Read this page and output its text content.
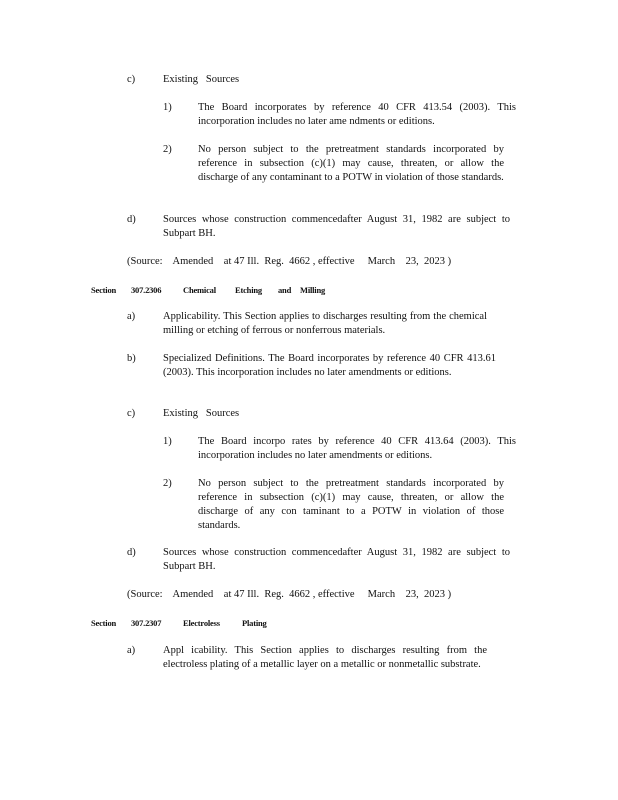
c)	Existing   Sources
1)	The Board incorporates by reference 40 CFR 413.54 (2003). This incorporation includes no later ame ndments or editions.
2)	No person subject to the pretreatment standards incorporated by reference in subsection (c)(1) may cause, threaten, or allow the discharge of any contaminant to a POTW in violation of those standards.
d)	Sources whose construction commencedafter August 31, 1982 are subject to Subpart BH.
(Source:    Amended    at 47 Ill.  Reg.  4662 , effective     March    23,  2023 )
Section 307.2306	Chemical Etching and Milling
a)	Applicability. This Section applies to discharges resulting from the chemical milling or etching of ferrous or nonferrous materials.
b)	Specialized Definitions. The Board incorporates by reference 40 CFR 413.61 (2003). This incorporation includes no later amendments or editions.
c)	Existing   Sources
1)	The Board incorpo rates by reference 40 CFR 413.64 (2003). This incorporation includes no later amendments or editions.
2)	No person subject to the pretreatment standards incorporated by reference in subsection (c)(1) may cause, threaten, or allow the discharge of any con taminant to a POTW in violation of those standards.
d)	Sources whose construction commencedafter August 31, 1982 are subject to Subpart BH.
(Source:    Amended    at 47 Ill.  Reg.  4662 , effective     March    23,  2023 )
Section 307.2307	Electroless	Plating
a)	Appl icability. This Section applies to discharges resulting from the electroless plating of a metallic layer on a metallic or nonmetallic substrate.
